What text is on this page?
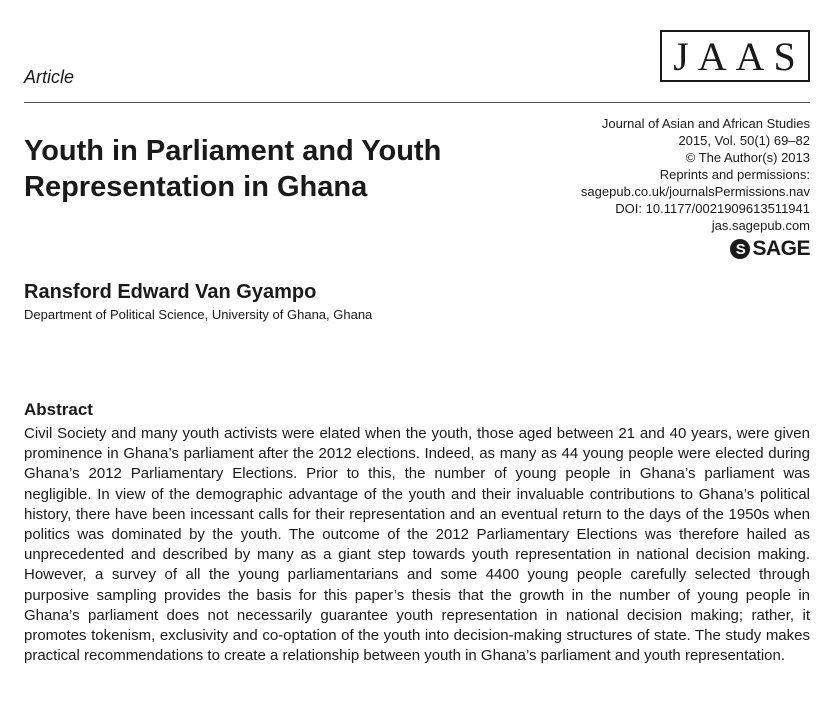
JAAS
Article
Youth in Parliament and Youth Representation in Ghana
Journal of Asian and African Studies
2015, Vol. 50(1) 69–82
© The Author(s) 2013
Reprints and permissions:
sagepub.co.uk/journalsPermissions.nav
DOI: 10.1177/0021909613511941
jas.sagepub.com
S SAGE
Ransford Edward Van Gyampo
Department of Political Science, University of Ghana, Ghana
Abstract

Civil Society and many youth activists were elated when the youth, those aged between 21 and 40 years, were given prominence in Ghana’s parliament after the 2012 elections. Indeed, as many as 44 young people were elected during Ghana’s 2012 Parliamentary Elections. Prior to this, the number of young people in Ghana’s parliament was negligible. In view of the demographic advantage of the youth and their invaluable contributions to Ghana’s political history, there have been incessant calls for their representation and an eventual return to the days of the 1950s when politics was dominated by the youth. The outcome of the 2012 Parliamentary Elections was therefore hailed as unprecedented and described by many as a giant step towards youth representation in national decision making. However, a survey of all the young parliamentarians and some 4400 young people carefully selected through purposive sampling provides the basis for this paper’s thesis that the growth in the number of young people in Ghana’s parliament does not necessarily guarantee youth representation in national decision making; rather, it promotes tokenism, exclusivity and co-optation of the youth into decision-making structures of state. The study makes practical recommendations to create a relationship between youth in Ghana’s parliament and youth representation.
